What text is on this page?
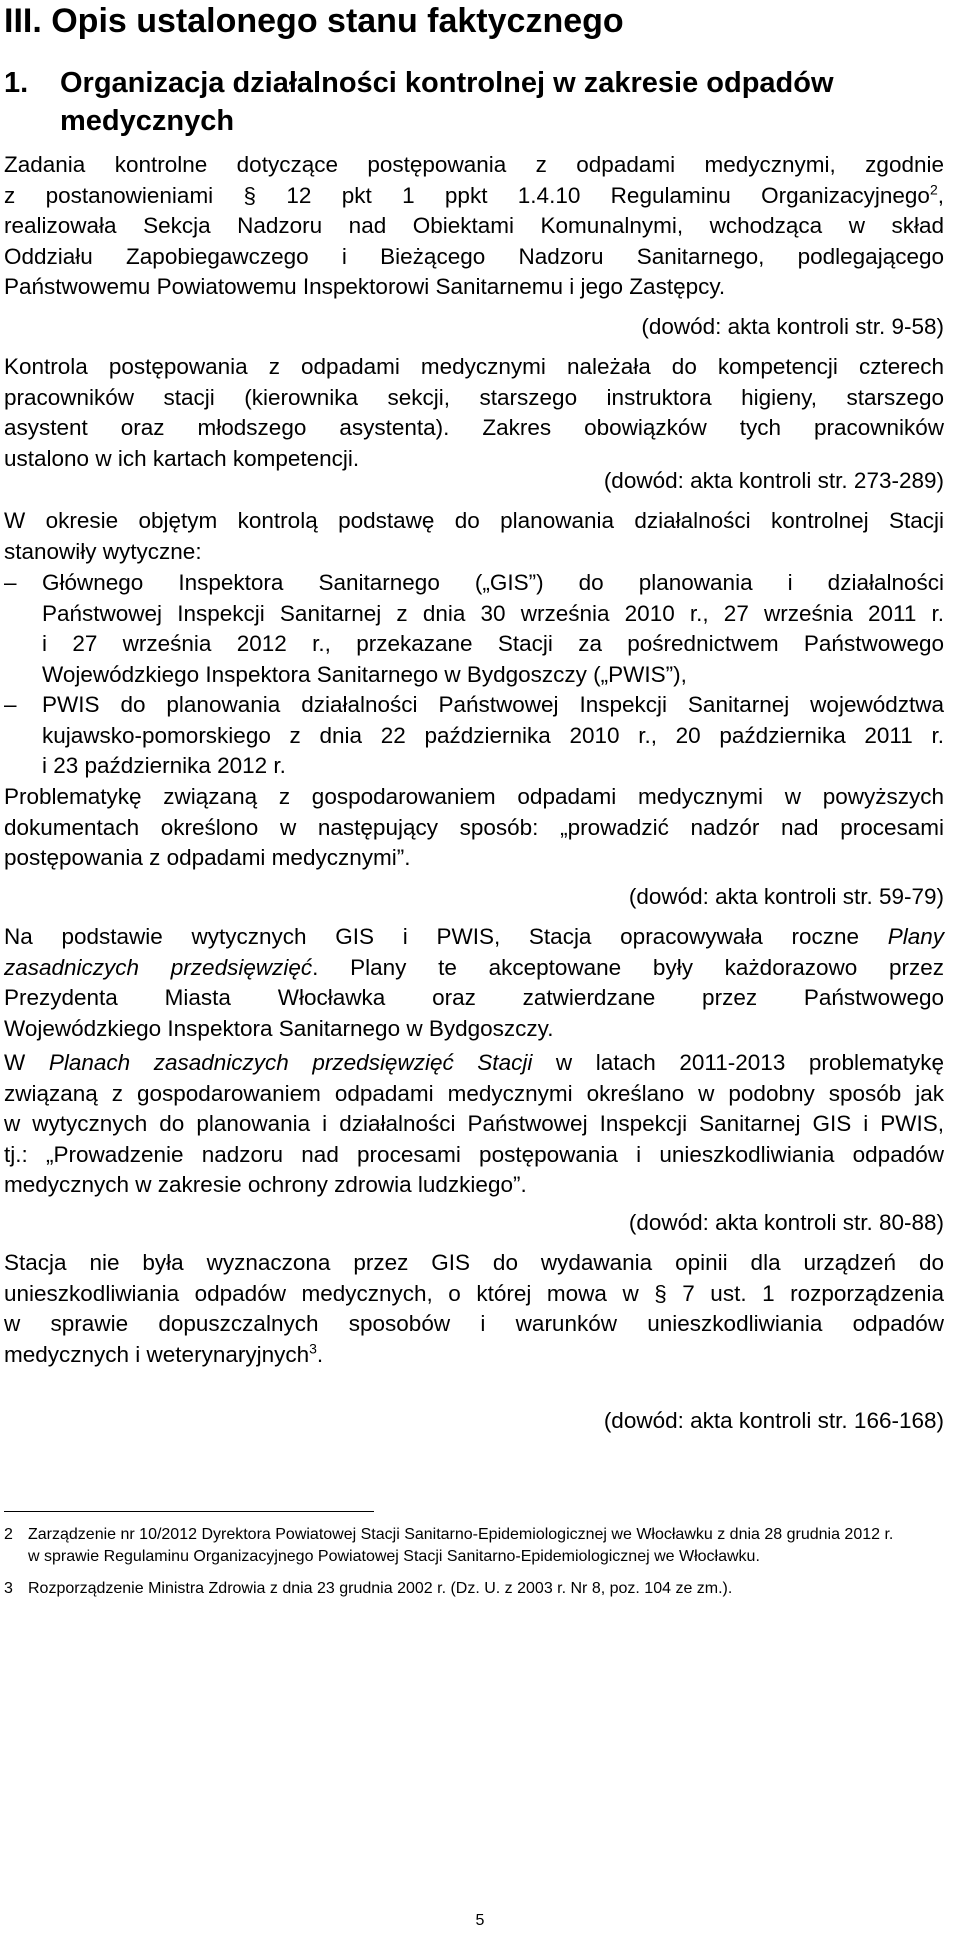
III. Opis ustalonego stanu faktycznego
1. Organizacja działalności kontrolnej w zakresie odpadów
medycznych
Zadania kontrolne dotyczące postępowania z odpadami medycznymi, zgodnie
z postanowieniami § 12 pkt 1 ppkt 1.4.10 Regulaminu Organizacyjnego$^2$,
realizowała Sekcja Nadzoru nad Obiektami Komunalnymi, wchodząca w skład
Oddziału Zapobiegawczego i Bieżącego Nadzoru Sanitarnego, podlegającego
Państwowemu Powiatowemu Inspektorowi Sanitarnemu i jego Zastępcy.
(dowód: akta kontroli str. 9-58)
Kontrola postępowania z odpadami medycznymi należała do kompetencji czterech
pracowników stacji (kierownika sekcji, starszego instruktora higieny, starszego
asystent oraz młodszego asystenta). Zakres obowiązków tych pracowników
ustalono w ich kartach kompetencji.
(dowód: akta kontroli str. 273-289)
W okresie objętym kontrolą podstawę do planowania działalności kontrolnej Stacji
stanowiły wytyczne:
– Głównego Inspektora Sanitarnego („GIS”) do planowania i działalności
Państwowej Inspekcji Sanitarnej z dnia 30 września 2010 r., 27 września 2011 r.
i 27 września 2012 r., przekazane Stacji za pośrednictwem Państwowego
Wojewódzkiego Inspektora Sanitarnego w Bydgoszczy („PWIS”),
– PWIS do planowania działalności Państwowej Inspekcji Sanitarnej województwa
kujawsko-pomorskiego z dnia 22 października 2010 r., 20 października 2011 r.
i 23 października 2012 r.
Problematykę związaną z gospodarowaniem odpadami medycznymi w powyższych
dokumentach określono w następujący sposób: „prowadzić nadzór nad procesami
postępowania z odpadami medycznymi”.
(dowód: akta kontroli str. 59-79)
Na podstawie wytycznych GIS i PWIS, Stacja opracowywała roczne Plany
zasadniczych przedsięwzięć. Plany te akceptowane były każdorazowo przez
Prezydenta Miasta Włocławka oraz zatwierdzane przez Państwowego
Wojewódzkiego Inspektora Sanitarnego w Bydgoszczy.
W Planach zasadniczych przedsięwzięć Stacji w latach 2011-2013 problematykę
związaną z gospodarowaniem odpadami medycznymi określano w podobny sposób jak
w wytycznych do planowania i działalności Państwowej Inspekcji Sanitarnej GIS i PWIS,
tj.: „Prowadzenie nadzoru nad procesami postępowania i unieszkodliwiania odpadów
medycznych w zakresie ochrony zdrowia ludzkiego”.
(dowód: akta kontroli str. 80-88)
Stacja nie była wyznaczona przez GIS do wydawania opinii dla urządzeń do
unieszkodliwiania odpadów medycznych, o której mowa w § 7 ust. 1 rozporządzenia
w sprawie dopuszczalnych sposobów i warunków unieszkodliwiania odpadów
medycznych i weterynaryjnych$^3$.
(dowód: akta kontroli str. 166-168)
2 Zarządzenie nr 10/2012 Dyrektora Powiatowej Stacji Sanitarno-Epidemiologicznej we Włocławku z dnia 28 grudnia 2012 r.
w sprawie Regulaminu Organizacyjnego Powiatowej Stacji Sanitarno-Epidemiologicznej we Włocławku.
3 Rozporządzenie Ministra Zdrowia z dnia 23 grudnia 2002 r. (Dz. U. z 2003 r. Nr 8, poz. 104 ze zm.).
5
